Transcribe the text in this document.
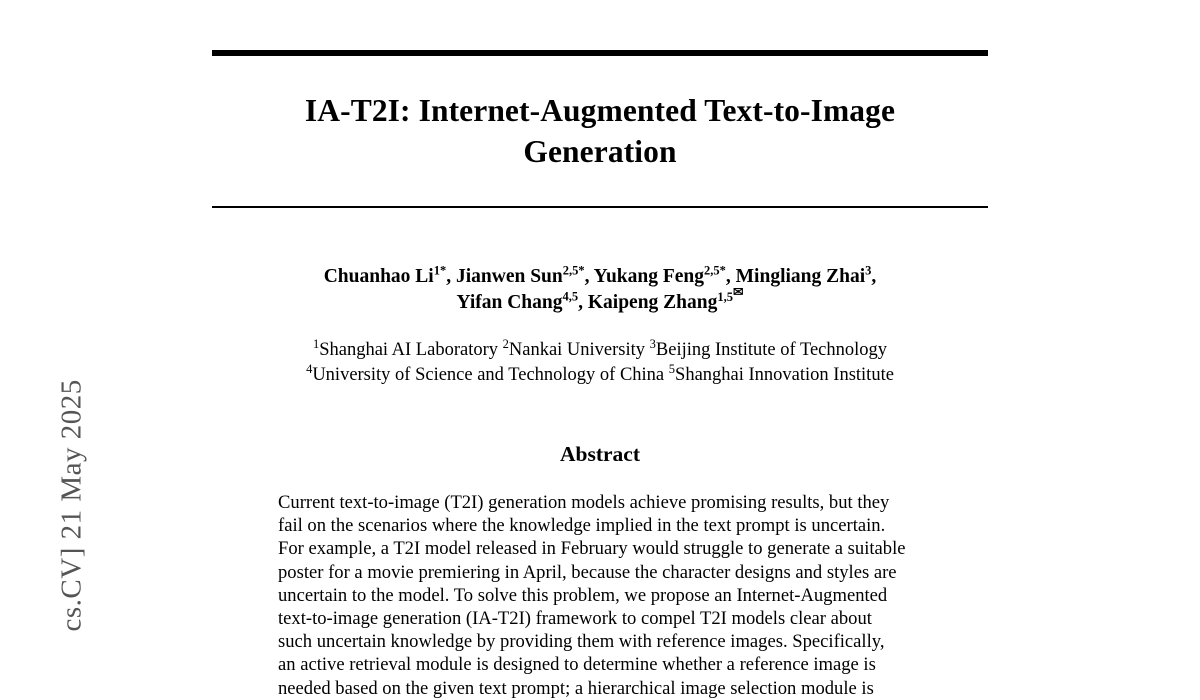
cs.CV] 21 May 2025
IA-T2I: Internet-Augmented Text-to-Image Generation
Chuanhao $Li^{1*}$, Jianwen Sun$^{2,5*}$, Yukang Feng$^{2,5*}$, Mingliang Zhai$^3$,
Yifan Chang$^{4,5}$, Kaipeng Zhang$^{1,5✉}$
$^1$Shanghai AI Laboratory $^2$Nankai University $^3$Beijing Institute of Technology
$^4$University of Science and Technology of China $^5$Shanghai Innovation Institute
Abstract
Current text-to-image (T2I) generation models achieve promising results, but they
fail on the scenarios where the knowledge implied in the text prompt is uncertain.
For example, a T2I model released in February would struggle to generate a suitable
poster for a movie premiering in April, because the character designs and styles are
uncertain to the model. To solve this problem, we propose an Internet-Augmented
text-to-image generation (IA-T2I) framework to compel T2I models clear about
such uncertain knowledge by providing them with reference images. Specifically,
an active retrieval module is designed to determine whether a reference image is
needed based on the given text prompt; a hierarchical image selection module is
